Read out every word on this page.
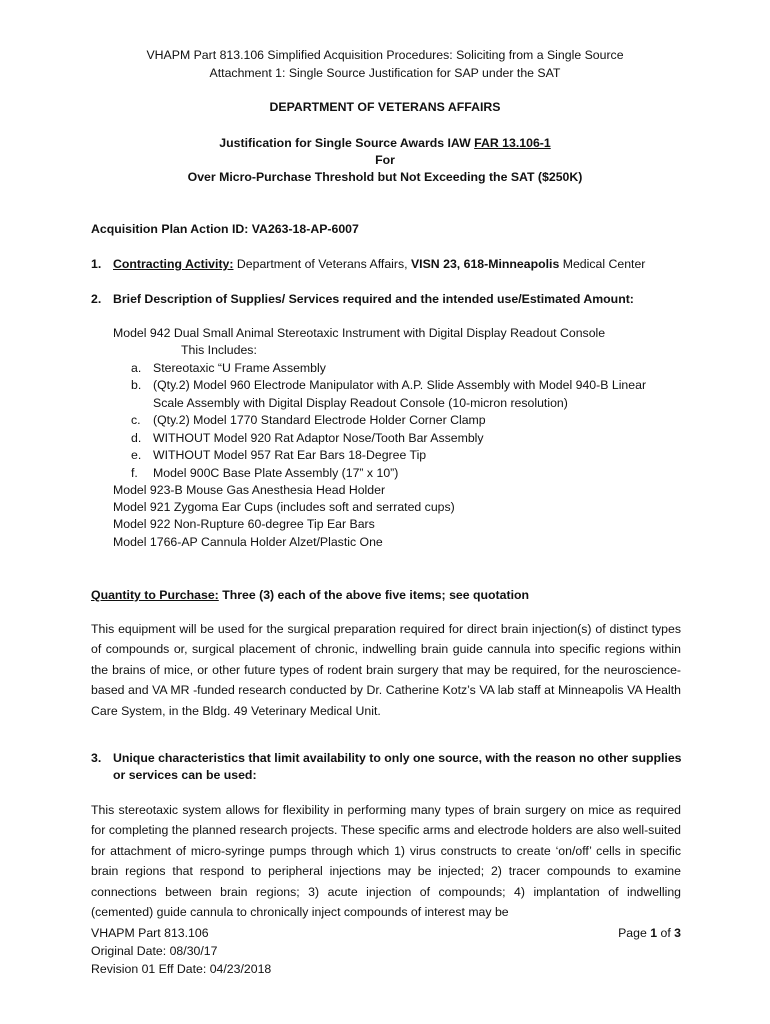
VHAPM Part 813.106 Simplified Acquisition Procedures: Soliciting from a Single Source
Attachment 1: Single Source Justification for SAP under the SAT
DEPARTMENT OF VETERANS AFFAIRS
Justification for Single Source Awards IAW FAR 13.106-1
For
Over Micro-Purchase Threshold but Not Exceeding the SAT ($250K)
Acquisition Plan Action ID: VA263-18-AP-6007
1. Contracting Activity: Department of Veterans Affairs, VISN 23, 618-Minneapolis Medical Center
2. Brief Description of Supplies/ Services required and the intended use/Estimated Amount:
Model 942 Dual Small Animal Stereotaxic Instrument with Digital Display Readout Console
This Includes:
a. Stereotaxic “U Frame Assembly
b. (Qty.2) Model 960 Electrode Manipulator with A.P. Slide Assembly with Model 940-B Linear
Scale Assembly with Digital Display Readout Console (10-micron resolution)
c. (Qty.2) Model 1770 Standard Electrode Holder Corner Clamp
d. WITHOUT Model 920 Rat Adaptor Nose/Tooth Bar Assembly
e. WITHOUT Model 957 Rat Ear Bars 18-Degree Tip
f. Model 900C Base Plate Assembly (17” x 10”)
Model 923-B Mouse Gas Anesthesia Head Holder
Model 921 Zygoma Ear Cups (includes soft and serrated cups)
Model 922 Non-Rupture 60-degree Tip Ear Bars
Model 1766-AP Cannula Holder Alzet/Plastic One
Quantity to Purchase: Three (3) each of the above five items; see quotation
This equipment will be used for the surgical preparation required for direct brain injection(s) of distinct types of compounds or, surgical placement of chronic, indwelling brain guide cannula into specific regions within the brains of mice, or other future types of rodent brain surgery that may be required, for the neuroscience-based and VA MR -funded research conducted by Dr. Catherine Kotz’s VA lab staff at Minneapolis VA Health Care System, in the Bldg. 49 Veterinary Medical Unit.
3. Unique characteristics that limit availability to only one source, with the reason no other supplies
or services can be used:
This stereotaxic system allows for flexibility in performing many types of brain surgery on mice as required for completing the planned research projects. These specific arms and electrode holders are also well-suited for attachment of micro-syringe pumps through which 1) virus constructs to create ‘on/off’ cells in specific brain regions that respond to peripheral injections may be injected; 2) tracer compounds to examine connections between brain regions; 3) acute injection of compounds; 4) implantation of indwelling (cemented) guide cannula to chronically inject compounds of interest may be
VHAPM Part 813.106
Original Date: 08/30/17
Revision 01 Eff Date: 04/23/2018
Page 1 of 3
